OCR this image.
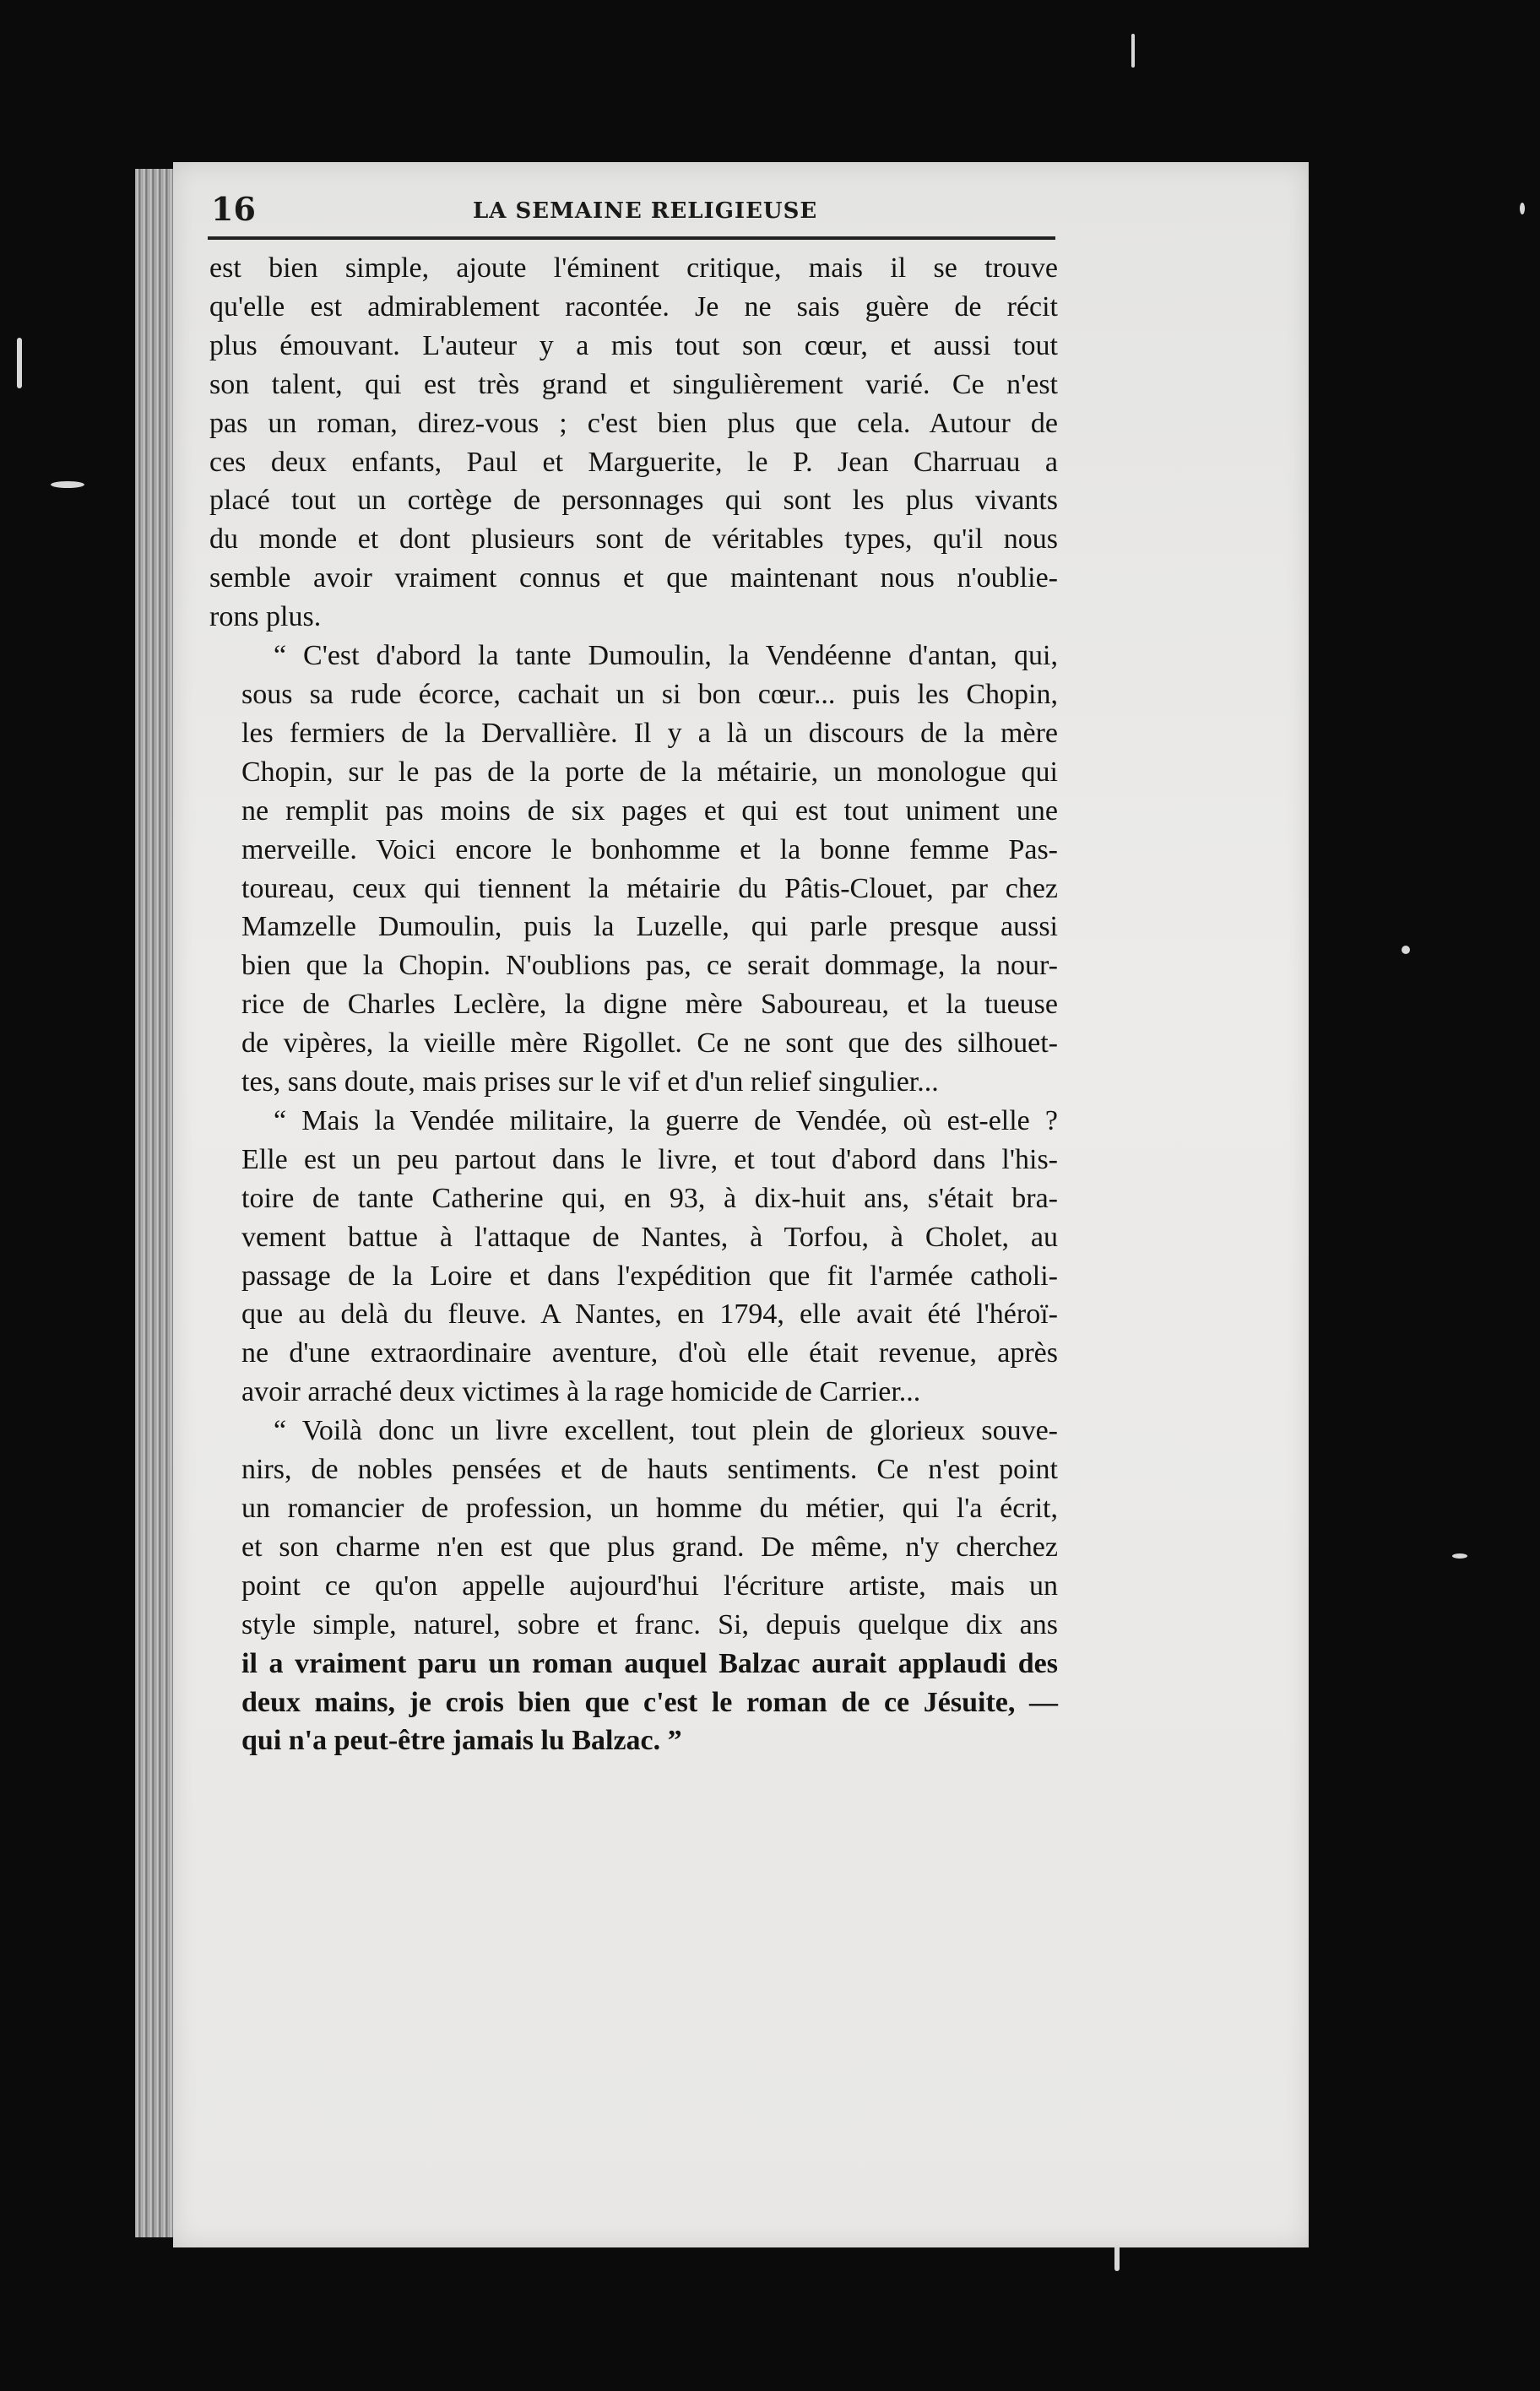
16	LA SEMAINE RELIGIEUSE

est bien simple, ajoute l'éminent critique, mais il se trouve
qu'elle est admirablement racontée. Je ne sais guère de récit
plus émouvant. L'auteur y a mis tout son cœur, et aussi tout
son talent, qui est très grand et singulièrement varié. Ce n'est
pas un roman, direz-vous ; c'est bien plus que cela. Autour de
ces deux enfants, Paul et Marguerite, le P. Jean Charruau a
placé tout un cortège de personnages qui sont les plus vivants
du monde et dont plusieurs sont de véritables types, qu'il nous
semble avoir vraiment connus et que maintenant nous n'oublie-
rons plus.

“ C'est d'abord la tante Dumoulin, la Vendéenne d'antan, qui,
sous sa rude écorce, cachait un si bon cœur... puis les Chopin,
les fermiers de la Dervallière. Il y a là un discours de la mère
Chopin, sur le pas de la porte de la métairie, un monologue qui
ne remplit pas moins de six pages et qui est tout uniment une
merveille. Voici encore le bonhomme et la bonne femme Pas-
toureau, ceux qui tiennent la métairie du Pâtis-Clouet, par chez
Mamzelle Dumoulin, puis la Luzelle, qui parle presque aussi
bien que la Chopin. N'oublions pas, ce serait dommage, la nour-
rice de Charles Leclère, la digne mère Saboureau, et la tueuse
de vipères, la vieille mère Rigollet. Ce ne sont que des silhouet-
tes, sans doute, mais prises sur le vif et d'un relief singulier...

“ Mais la Vendée militaire, la guerre de Vendée, où est-elle ?
Elle est un peu partout dans le livre, et tout d'abord dans l'his-
toire de tante Catherine qui, en 93, à dix-huit ans, s'était bra-
vement battue à l'attaque de Nantes, à Torfou, à Cholet, au
passage de la Loire et dans l'expédition que fit l'armée catholi-
que au delà du fleuve. A Nantes, en 1794, elle avait été l'héroï-
ne d'une extraordinaire aventure, d'où elle était revenue, après
avoir arraché deux victimes à la rage homicide de Carrier...

“ Voilà donc un livre excellent, tout plein de glorieux souve-
nirs, de nobles pensées et de hauts sentiments. Ce n'est point
un romancier de profession, un homme du métier, qui l'a écrit,
et son charme n'en est que plus grand. De même, n'y cherchez
point ce qu'on appelle aujourd'hui l'écriture artiste, mais un
style simple, naturel, sobre et franc. Si, depuis quelque dix ans
il a vraiment paru un roman auquel Balzac aurait applaudi des
deux mains, je crois bien que c'est le roman de ce Jésuite, —
qui n'a peut-être jamais lu Balzac. ”
